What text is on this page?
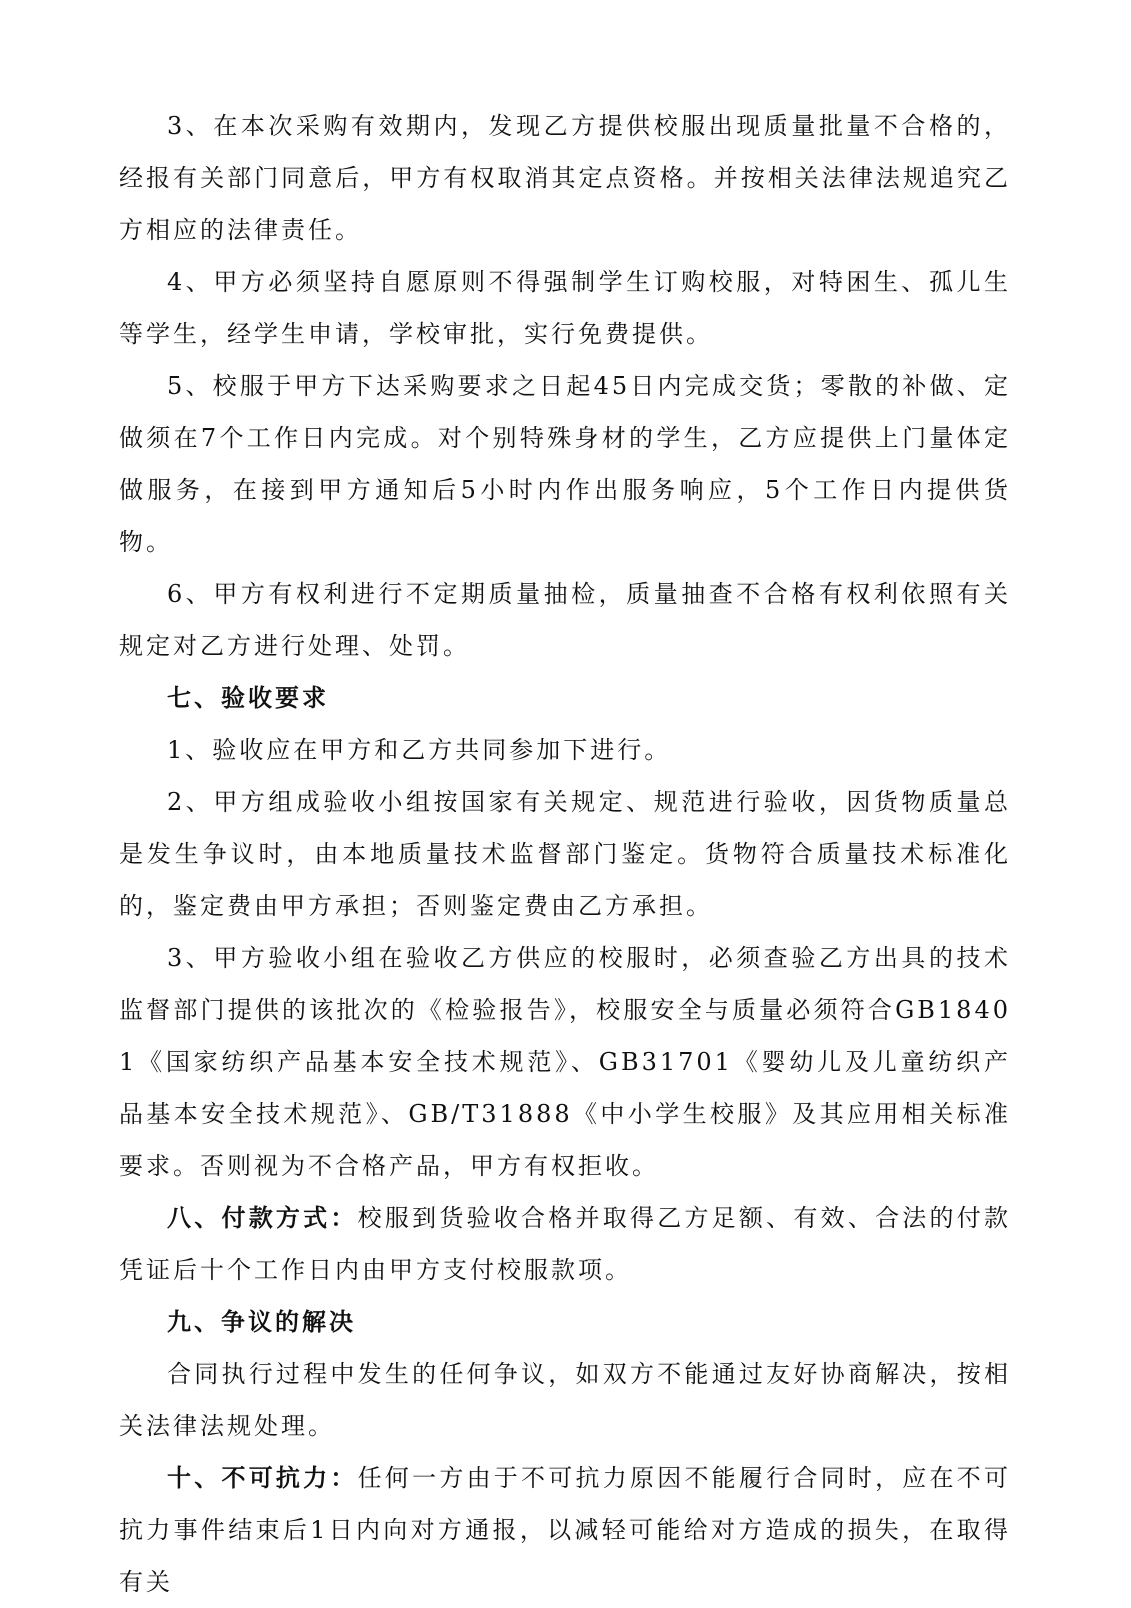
3、在本次采购有效期内，发现乙方提供校服出现质量批量不合格的，经报有关部门同意后，甲方有权取消其定点资格。并按相关法律法规追究乙方相应的法律责任。

4、甲方必须坚持自愿原则不得强制学生订购校服，对特困生、孤儿生等学生，经学生申请，学校审批，实行免费提供。

5、校服于甲方下达采购要求之日起45日内完成交货；零散的补做、定做须在7个工作日内完成。对个别特殊身材的学生，乙方应提供上门量体定做服务，在接到甲方通知后5小时内作出服务响应，5个工作日内提供货物。

6、甲方有权利进行不定期质量抽检，质量抽查不合格有权利依照有关规定对乙方进行处理、处罚。

七、验收要求

1、验收应在甲方和乙方共同参加下进行。

2、甲方组成验收小组按国家有关规定、规范进行验收，因货物质量总是发生争议时，由本地质量技术监督部门鉴定。货物符合质量技术标准化的，鉴定费由甲方承担；否则鉴定费由乙方承担。

3、甲方验收小组在验收乙方供应的校服时，必须查验乙方出具的技术监督部门提供的该批次的《检验报告》，校服安全与质量必须符合GB18401《国家纺织产品基本安全技术规范》、GB31701《婴幼儿及儿童纺织产品基本安全技术规范》、GB/T31888《中小学生校服》及其应用相关标准要求。否则视为不合格产品，甲方有权拒收。

八、付款方式：校服到货验收合格并取得乙方足额、有效、合法的付款凭证后十个工作日内由甲方支付校服款项。

九、争议的解决

合同执行过程中发生的任何争议，如双方不能通过友好协商解决，按相关法律法规处理。

十、不可抗力：任何一方由于不可抗力原因不能履行合同时，应在不可抗力事件结束后1日内向对方通报，以减轻可能给对方造成的损失，在取得有关
